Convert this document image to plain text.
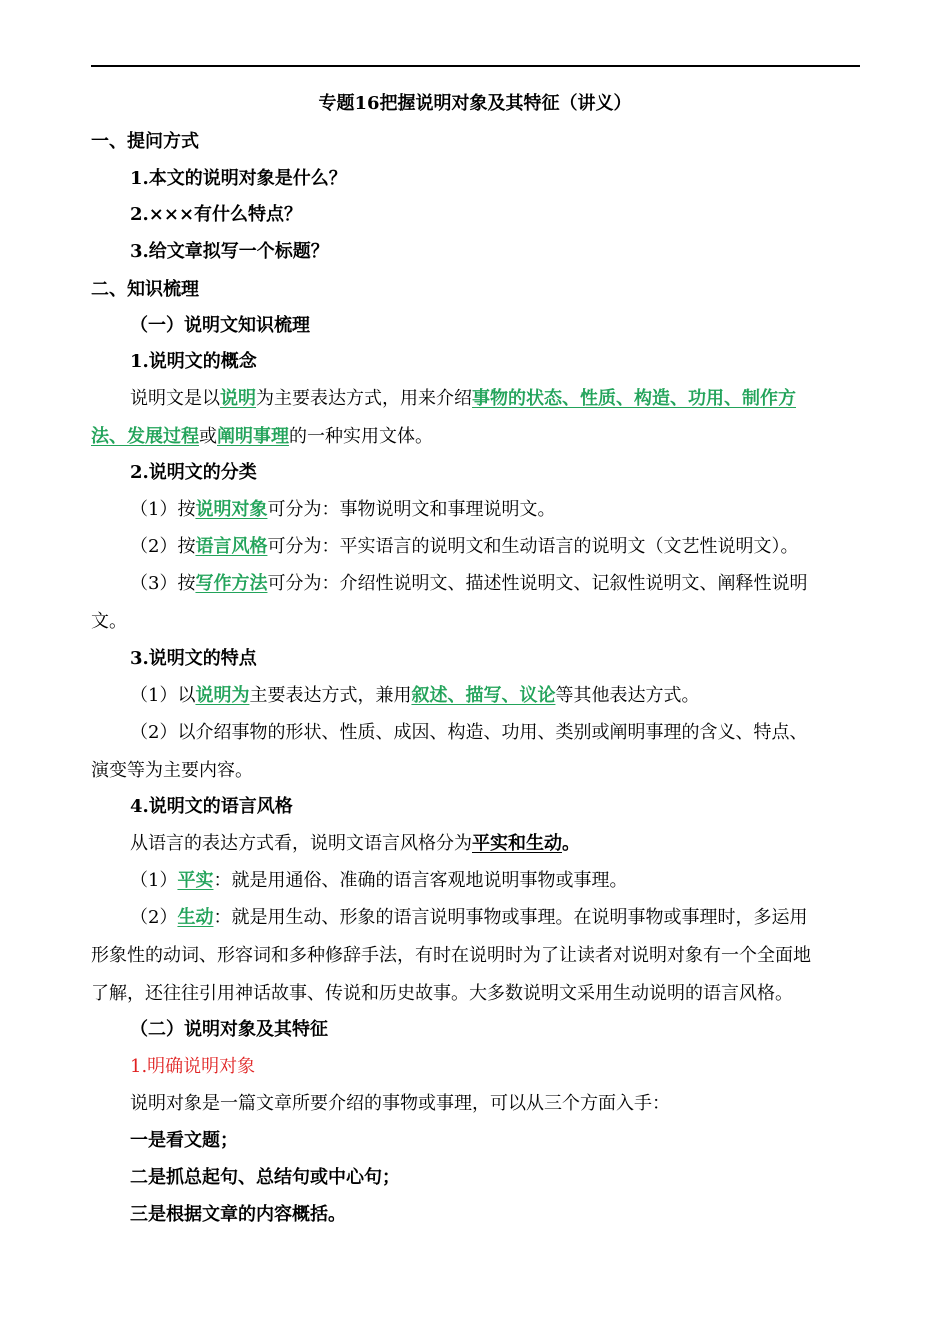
专题16把握说明对象及其特征（讲义）
一、提问方式
1.本文的说明对象是什么？
2.×××有什么特点？
3.给文章拟写一个标题？
二、知识梳理
（一）说明文知识梳理
1.说明文的概念
说明文是以说明为主要表达方式，用来介绍事物的状态、性质、构造、功用、制作方
法、发展过程或阐明事理的一种实用文体。
2.说明文的分类
（1）按说明对象可分为：事物说明文和事理说明文。
（2）按语言风格可分为：平实语言的说明文和生动语言的说明文（文艺性说明文）。
（3）按写作方法可分为：介绍性说明文、描述性说明文、记叙性说明文、阐释性说明
文。
3.说明文的特点
（1）以说明为主要表达方式，兼用叙述、描写、议论等其他表达方式。
（2）以介绍事物的形状、性质、成因、构造、功用、类别或阐明事理的含义、特点、
演变等为主要内容。
4.说明文的语言风格
从语言的表达方式看，说明文语言风格分为平实和生动。
（1）平实：就是用通俗、准确的语言客观地说明事物或事理。
（2）生动：就是用生动、形象的语言说明事物或事理。在说明事物或事理时，多运用
形象性的动词、形容词和多种修辞手法，有时在说明时为了让读者对说明对象有一个全面地
了解，还往往引用神话故事、传说和历史故事。大多数说明文采用生动说明的语言风格。
（二）说明对象及其特征
1.明确说明对象
说明对象是一篇文章所要介绍的事物或事理，可以从三个方面入手：
一是看文题；
二是抓总起句、总结句或中心句；
三是根据文章的内容概括。
